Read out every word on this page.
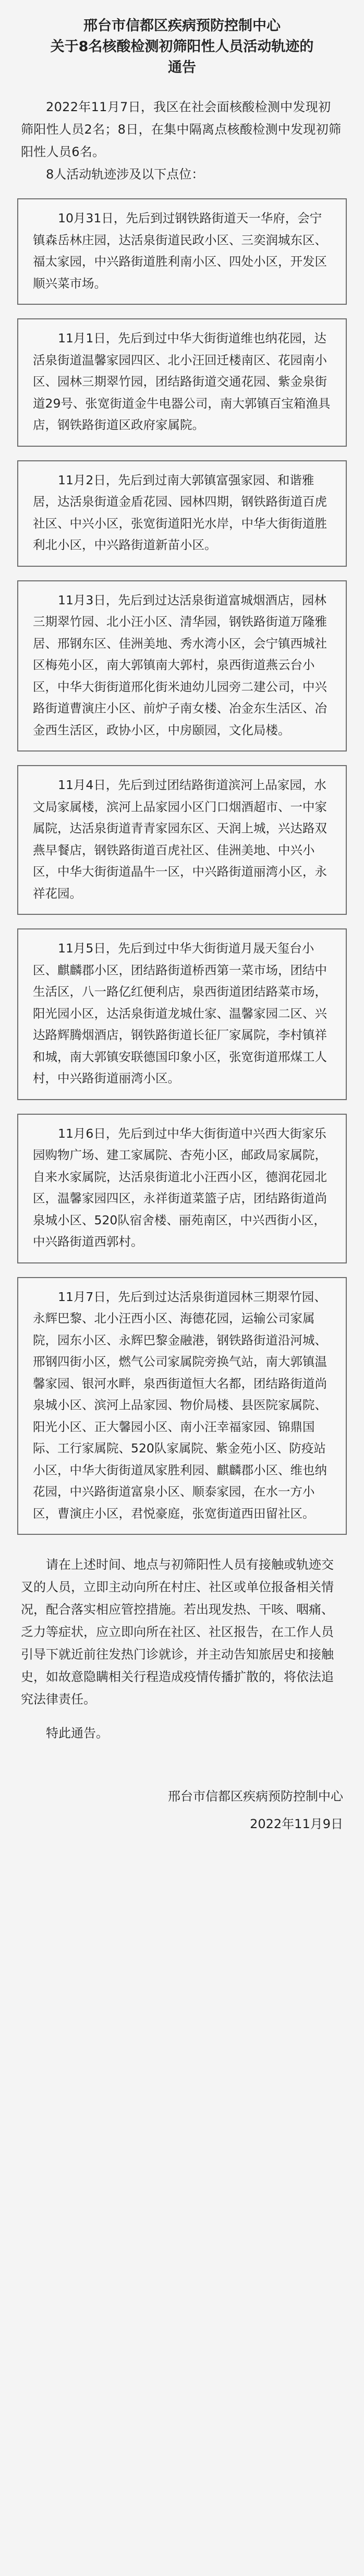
邢台市信都区疾病预防控制中心
关于8名核酸检测初筛阳性人员活动轨迹的
通告
2022年11月7日，我区在社会面核酸检测中发现初筛阳性人员2名；8日，在集中隔离点核酸检测中发现初筛阳性人员6名。
8人活动轨迹涉及以下点位：
10月31日，先后到过钢铁路街道天一华府，会宁镇森岳林庄园，达活泉街道民政小区、三奕润城东区、福太家园，中兴路街道胜利南小区、四处小区，开发区顺兴菜市场。
11月1日，先后到过中华大街街道维也纳花园，达活泉街道温馨家园四区、北小汪回迁楼南区、花园南小区、园林三期翠竹园，团结路街道交通花园、紫金泉街道29号、张宽街道金牛电器公司，南大郭镇百宝箱渔具店，钢铁路街道区政府家属院。
11月2日，先后到过南大郭镇富强家园、和谐雅居，达活泉街道金盾花园、园林四期，钢铁路街道百虎社区、中兴小区，张宽街道阳光水岸，中华大街街道胜利北小区，中兴路街道新苗小区。
11月3日，先后到过达活泉街道富城烟酒店，园林三期翠竹园、北小汪小区、清华园，钢铁路街道万隆雅居、邢钢东区、佳洲美地、秀水湾小区，会宁镇西城社区梅苑小区，南大郭镇南大郭村，泉西街道燕云台小区，中华大街街道邢化街米迪幼儿园旁二建公司，中兴路街道曹演庄小区、前炉子南女楼、冶金东生活区、冶金西生活区，政协小区，中房颐园，文化局楼。
11月4日，先后到过团结路街道滨河上品家园，水文局家属楼，滨河上品家园小区门口烟酒超市、一中家属院，达活泉街道青青家园东区、天润上城，兴达路双燕早餐店，钢铁路街道百虎社区、佳洲美地、中兴小区，中华大街街道晶牛一区，中兴路街道丽湾小区，永祥花园。
11月5日，先后到过中华大街街道月晟天玺台小区、麒麟郡小区，团结路街道桥西第一菜市场，团结中生活区，八一路亿红便利店，泉西街道团结路菜市场，阳光园小区，达活泉街道龙城仕家、温馨家园二区、兴达路辉腾烟酒店，钢铁路街道长征厂家属院，李村镇祥和城，南大郭镇安联德国印象小区，张宽街道邢煤工人村，中兴路街道丽湾小区。
11月6日，先后到过中华大街街道中兴西大街家乐园购物广场、建工家属院、杏苑小区，邮政局家属院，自来水家属院，达活泉街道北小汪西小区，德润花园北区，温馨家园四区，永祥街道菜篮子店，团结路街道尚泉城小区、520队宿舍楼、丽苑南区，中兴西街小区，中兴路街道西郭村。
11月7日，先后到过达活泉街道园林三期翠竹园、永辉巴黎、北小汪西小区、海德花园，运输公司家属院，园东小区、永辉巴黎金融港，钢铁路街道沿河城、邢钢四街小区，燃气公司家属院旁换气站，南大郭镇温馨家园、银河水畔，泉西街道恒大名都，团结路街道尚泉城小区、滨河上品家园、物价局楼、县医院家属院、阳光小区、正大馨园小区、南小汪幸福家园、锦鼎国际、工行家属院、520队家属院、紫金苑小区、防疫站小区，中华大街街道凤家胜利园、麒麟郡小区、维也纳花园，中兴路街道富泉小区、顺泰家园，在水一方小区，曹演庄小区，君悦豪庭，张宽街道西田留社区。
请在上述时间、地点与初筛阳性人员有接触或轨迹交叉的人员，立即主动向所在村庄、社区或单位报备相关情况，配合落实相应管控措施。若出现发热、干咳、咽痛、乏力等症状，应立即向所在社区、社区报告，在工作人员引导下就近前往发热门诊就诊，并主动告知旅居史和接触史，如故意隐瞒相关行程造成疫情传播扩散的，将依法追究法律责任。
特此通告。
邢台市信都区疾病预防控制中心
2022年11月9日
